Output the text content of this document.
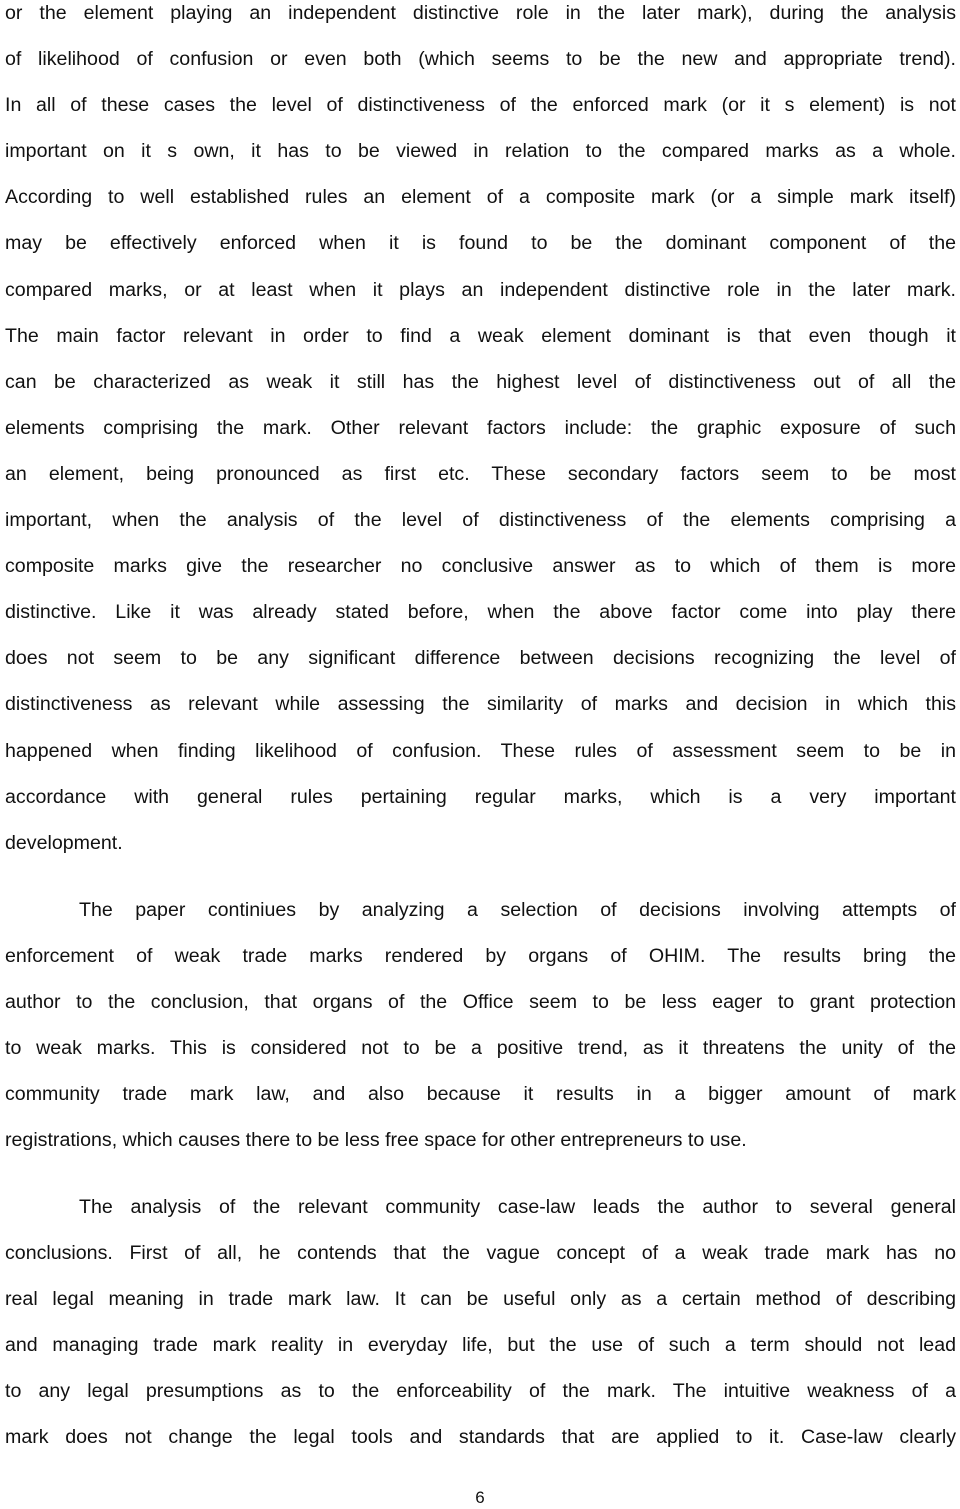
or the element playing an independent distinctive role in the later mark), during the analysis
of likelihood of confusion or even both (which seems to be the new and appropriate trend).
In all of these cases the level of distinctiveness of the enforced mark (or it s element) is not
important on it s own, it has to be viewed in relation to the compared marks as a whole.
According to well established rules an element of a composite mark (or a simple mark itself)
may be effectively enforced when it is found to be the dominant component of the
compared marks, or at least when it plays an independent distinctive role in the later mark.
The main factor relevant in order to find a weak element dominant is that even though it
can be characterized as weak it still has the highest level of distinctiveness out of all the
elements comprising the mark. Other relevant factors include: the graphic exposure of such
an element, being pronounced as first etc. These secondary factors seem to be most
important, when the analysis of the level of distinctiveness of the elements comprising a
composite marks give the researcher no conclusive answer as to which of them is more
distinctive. Like it was already stated before, when the above factor come into play there
does not seem to be any significant difference between decisions recognizing the level of
distinctiveness as relevant while assessing the similarity of marks and decision in which this
happened when finding likelihood of confusion. These rules of assessment seem to be in
accordance with general rules pertaining regular marks, which is a very important
development.
The paper continiues by analyzing a selection of decisions involving attempts of
enforcement of weak trade marks rendered by organs of OHIM. The results bring the
author to the conclusion, that organs of the Office seem to be less eager to grant protection
to weak marks. This is considered not to be a positive trend, as it threatens the unity of the
community trade mark law, and also because it results in a bigger amount of mark
registrations, which causes there to be less free space for other entrepreneurs to use.
The analysis of the relevant community case-law leads the author to several general
conclusions. First of all, he contends that the vague concept of a weak trade mark has no
real legal meaning in trade mark law. It can be useful only as a certain method of describing
and managing trade mark reality in everyday life, but the use of such a term should not lead
to any legal presumptions as to the enforceability of the mark. The intuitive weakness of a
mark does not change the legal tools and standards that are applied to it. Case-law clearly
6
